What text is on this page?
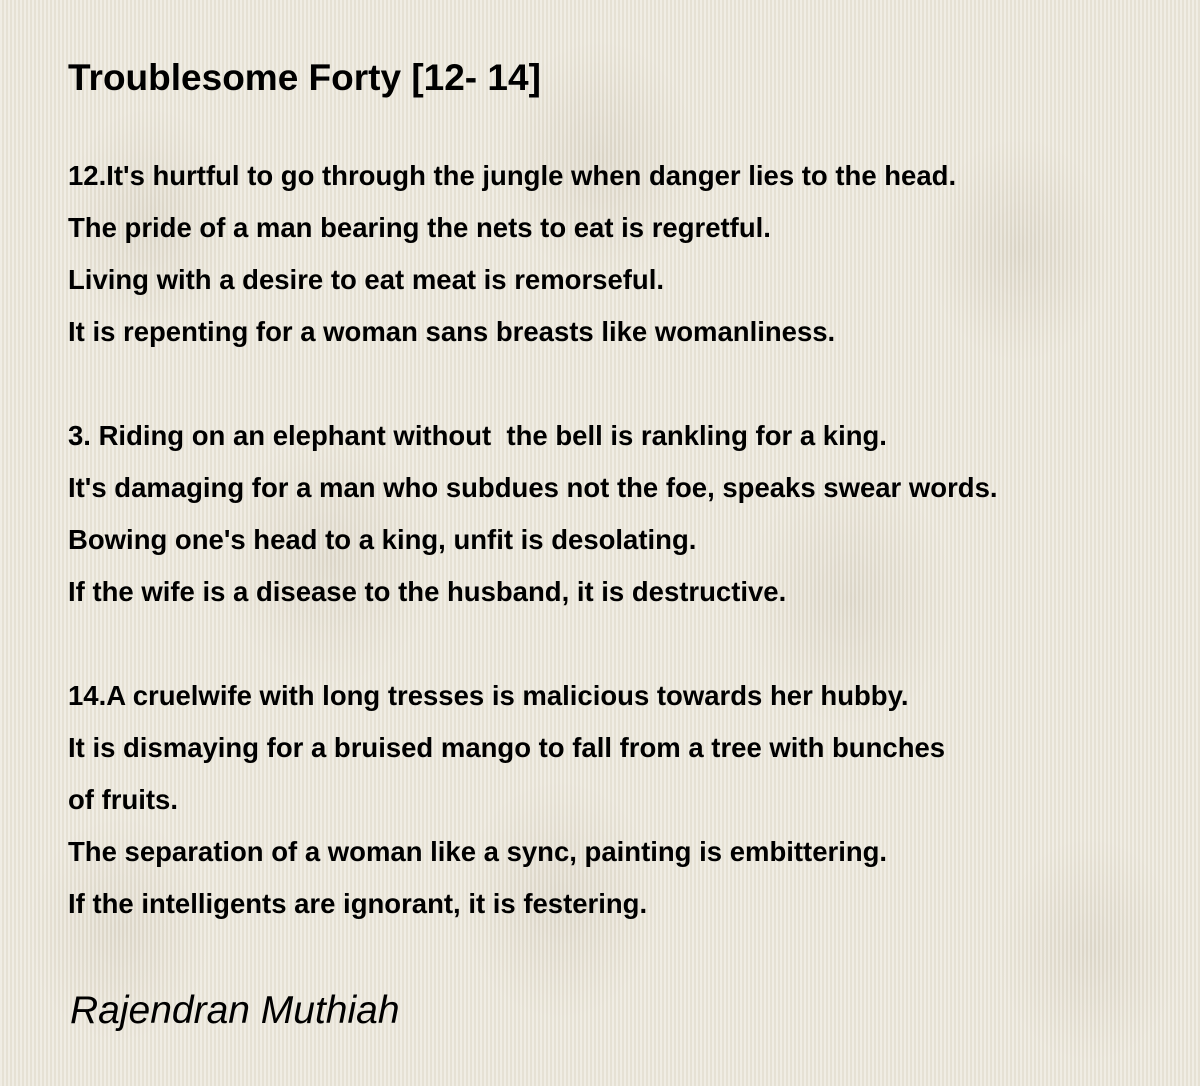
Troublesome Forty [12- 14]
12.It's hurtful to go through the jungle when danger lies to the head.
The pride of a man bearing the nets to eat is regretful.
Living with a desire to eat meat is remorseful.
It is repenting for a woman sans breasts like womanliness.
3. Riding on an elephant without  the bell is rankling for a king.
It's damaging for a man who subdues not the foe, speaks swear words.
Bowing one's head to a king, unfit is desolating.
If the wife is a disease to the husband, it is destructive.
14.A cruelwife with long tresses is malicious towards her hubby.
It is dismaying for a bruised mango to fall from a tree with bunches
of fruits.
The separation of a woman like a sync, painting is embittering.
If the intelligents are ignorant, it is festering.
Rajendran Muthiah
